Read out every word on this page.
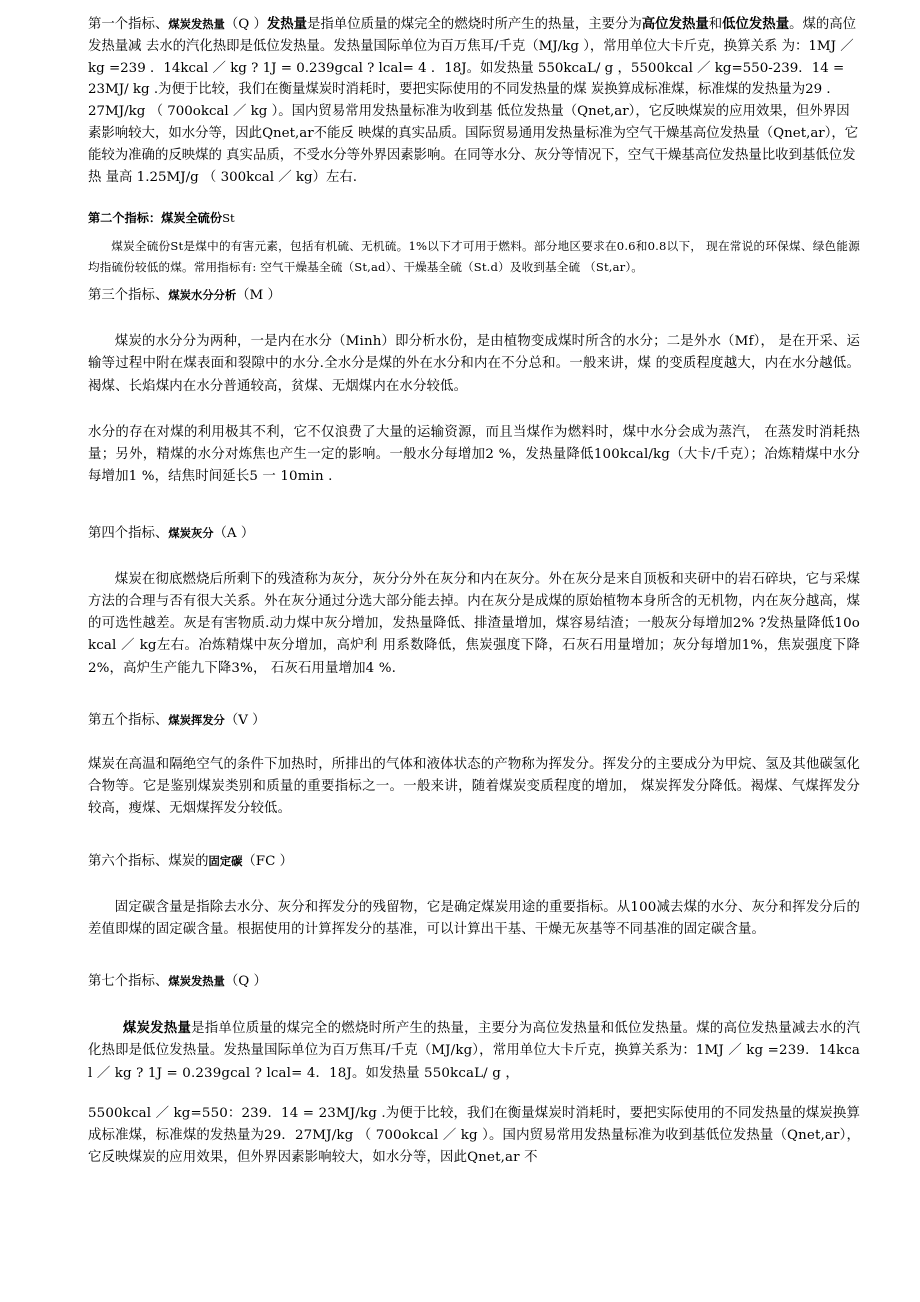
第一个指标、煤炭发热量（Q ）发热量是指单位质量的煤完全的燃烧时所产生的热量，主要分为高位发热量和低位发热量。煤的高位发热量减 去水的汽化热即是低位发热量。发热量国际单位为百万焦耳/千克（MJ/kg ），常用单位大卡斤克，换算关系 为：1MJ ／ kg =239 ．14kcal ／ kg ? 1J = 0.239gcal ? lcal= 4 ．18J。如发热量 550kcaL/ g ，5500kcal ／ kg=550-239．14 = 23MJ/ kg .为便于比较，我们在衡量煤炭时消耗时，要把实际使用的不同发热量的煤 炭换算成标准煤，标准煤的发热量为29 ．27MJ/kg （ 700okcal ／ kg ）。国内贸易常用发热量标准为收到基 低位发热量（Qnet,ar），它反映煤炭的应用效果，但外界因素影响较大，如水分等，因此Qnet,ar不能反 映煤的真实品质。国际贸易通用发热量标准为空气干燥基高位发热量（Qnet,ar），它能较为准确的反映煤的 真实品质，不受水分等外界因素影响。在同等水分、灰分等情况下，空气干燥基高位发热量比收到基低位发热 量高 1.25MJ/g （ 300kcal ／ kg）左右.

第二个指标：煤炭全硫份St

煤炭全硫份St是煤中的有害元素，包括有机硫、无机硫。1%以下才可用于燃料。部分地区要求在0.6和0.8以下， 现在常说的环保煤、绿色能源均指硫份较低的煤。常用指标有: 空气干燥基全硫（St,ad）、干燥基全硫（St.d）及收到基全硫 （St,ar）。

第三个指标、煤炭水分分析（M ）

煤炭的水分分为两种，一是内在水分（Minh）即分析水份，是由植物变成煤时所含的水分；二是外水（Mf）， 是在开采、运输等过程中附在煤表面和裂隙中的水分.全水分是煤的外在水分和内在不分总和。一般来讲，煤 的变质程度越大，内在水分越低。褐煤、长焰煤内在水分普通较高，贫煤、无烟煤内在水分较低。

水分的存在对煤的利用极其不利，它不仅浪费了大量的运输资源，而且当煤作为燃料时，煤中水分会成为蒸汽， 在蒸发时消耗热量；另外，精煤的水分对炼焦也产生一定的影响。一般水分每增加2 %，发热量降低100kcal/kg（大卡/千克）；冶炼精煤中水分每增加1 %，结焦时间延长5 一 10min .

第四个指标、煤炭灰分（A ）

煤炭在彻底燃烧后所剩下的残渣称为灰分，灰分分外在灰分和内在灰分。外在灰分是来自顶板和夹研中的岩石碎块，它与采煤方法的合理与否有很大关系。外在灰分通过分选大部分能去掉。内在灰分是成煤的原始植物本身所含的无机物，内在灰分越高，煤的可选性越差。灰是有害物质.动力煤中灰分增加，发热量降低、排渣量增加，煤容易结渣；一般灰分每增加2% ?发热量降低10okcal ／ kg左右。冶炼精煤中灰分增加，高炉利 用系数降低，焦炭强度下降，石灰石用量增加；灰分每增加1%，焦炭强度下降2%，高炉生产能九下降3%， 石灰石用量增加4 %.

第五个指标、煤炭挥发分（V ）

煤炭在高温和隔绝空气的条件下加热时，所排出的气体和液体状态的产物称为挥发分。挥发分的主要成分为甲烷、氢及其他碳氢化合物等。它是鉴别煤炭类别和质量的重要指标之一。一般来讲，随着煤炭变质程度的增加， 煤炭挥发分降低。褐煤、气煤挥发分较高，瘦煤、无烟煤挥发分较低。

第六个指标、煤炭的固定碳（FC ）

固定碳含量是指除去水分、灰分和挥发分的残留物，它是确定煤炭用途的重要指标。从100减去煤的水分、灰分和挥发分后的差值即煤的固定碳含量。根据使用的计算挥发分的基准，可以计算出干基、干燥无灰基等不同基准的固定碳含量。

第七个指标、煤炭发热量（Q ）

煤炭发热量是指单位质量的煤完全的燃烧时所产生的热量，主要分为高位发热量和低位发热量。煤的高位发热量减去水的汽化热即是低位发热量。发热量国际单位为百万焦耳/千克（MJ/kg），常用单位大卡斤克，换算关系为：1MJ ／ kg =239．14kcal ／ kg ? 1J = 0.239gcal ? lcal= 4．18J。如发热量 550kcaL/ g ，

5500kcal ／ kg=550：239．14 = 23MJ/kg .为便于比较，我们在衡量煤炭时消耗时，要把实际使用的不同发热量的煤炭换算成标准煤，标准煤的发热量为29．27MJ/kg （ 700okcal ／ kg ）。国内贸易常用发热量标准为收到基低位发热量（Qnet,ar），它反映煤炭的应用效果，但外界因素影响较大，如水分等，因此Qnet,ar 不
